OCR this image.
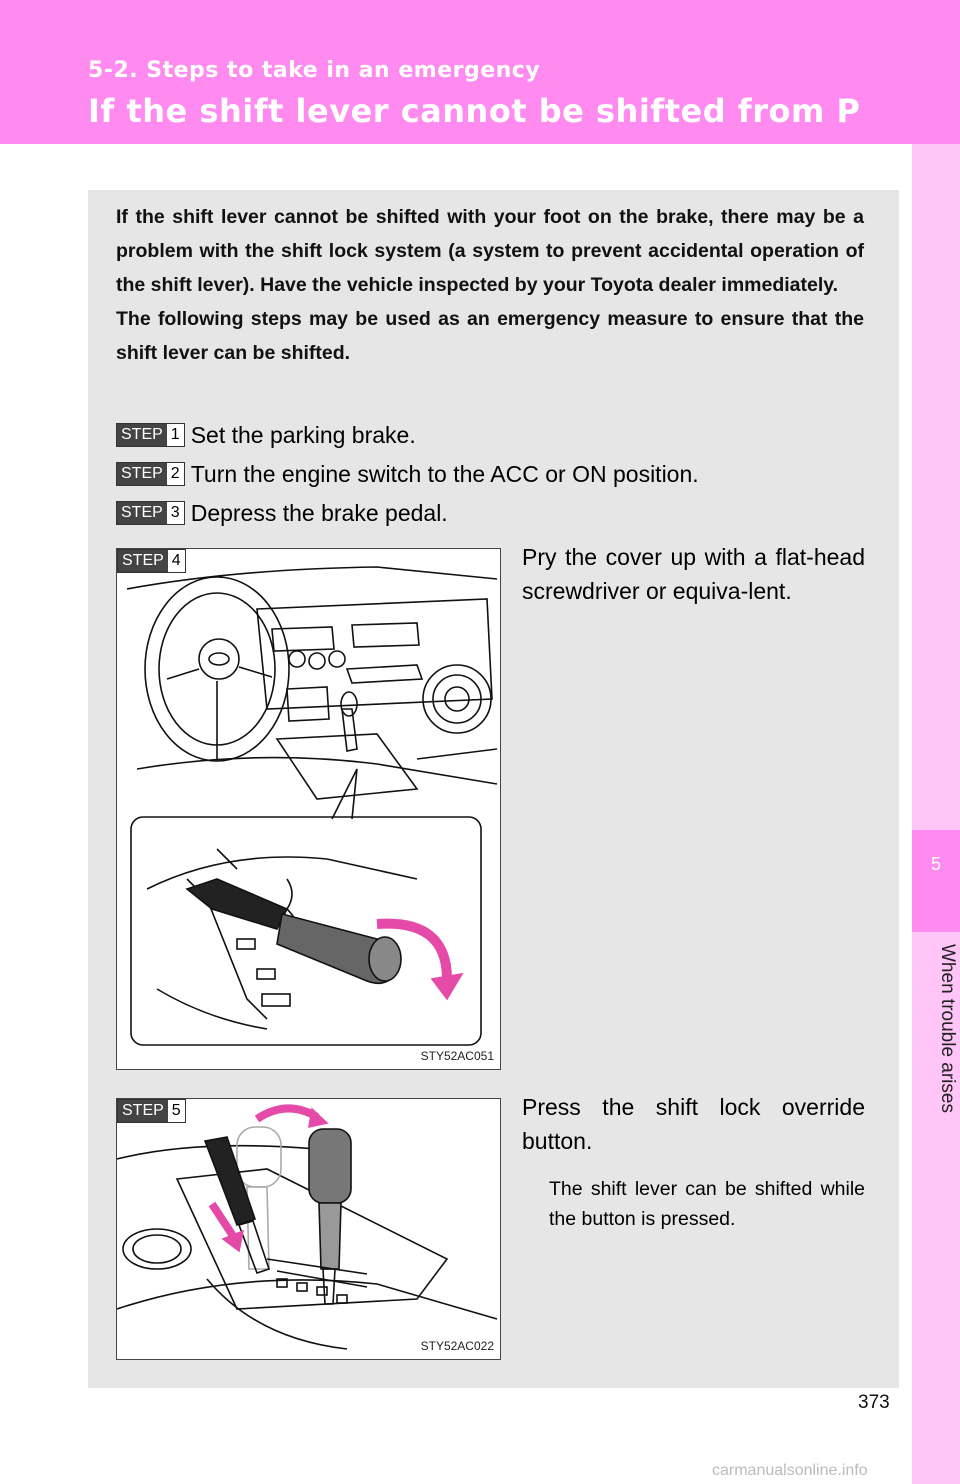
5-2. Steps to take in an emergency
If the shift lever cannot be shifted from P
5
When trouble arises

If the shift lever cannot be shifted with your foot on the brake, there may be a problem with the shift lock system (a system to prevent accidental operation of the shift lever). Have the vehicle inspected by your Toyota dealer immediately.

The following steps may be used as an emergency measure to ensure that the shift lever can be shifted.

STEP 1 Set the parking brake.
STEP 2 Turn the engine switch to the ACC or ON position.
STEP 3 Depress the brake pedal.
STEP 4
STY52AC051
Pry the cover up with a flat-head screwdriver or equiva-lent.
STEP 5
STY52AC022
Press the shift lock override button.
The shift lever can be shifted while the button is pressed.
373
carmanualsonline.info
